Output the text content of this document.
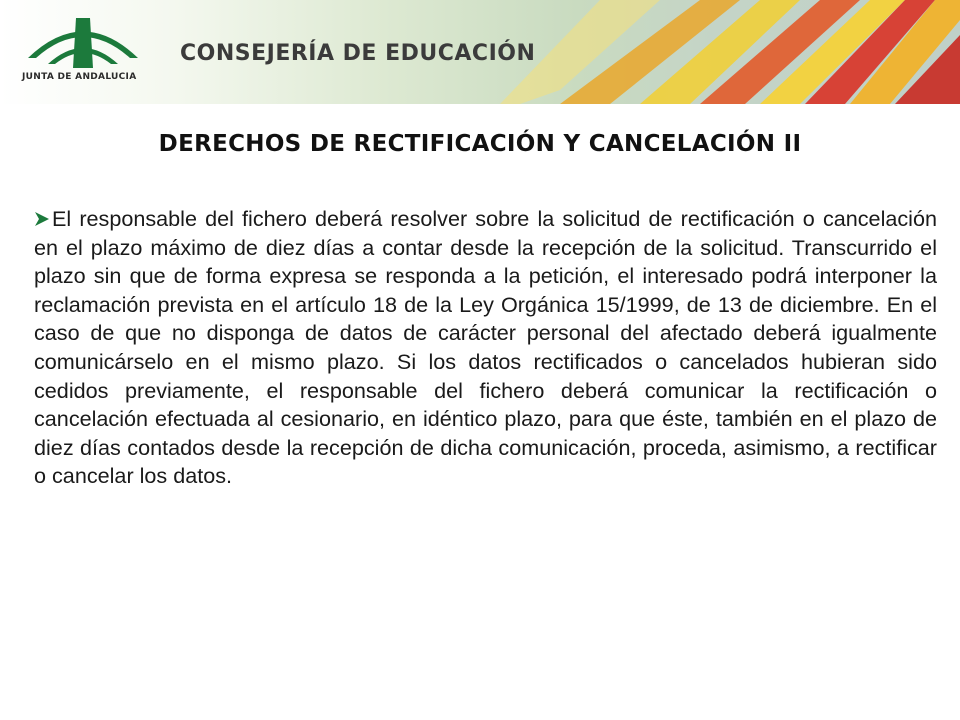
JUNTA DE ANDALUCIA
CONSEJERÍA DE EDUCACIÓN
DERECHOS DE RECTIFICACIÓN Y CANCELACIÓN II

El responsable del fichero deberá resolver sobre la solicitud de rectificación o cancelación en el plazo máximo de diez días a contar desde la recepción de la solicitud. Transcurrido el plazo sin que de forma expresa se responda a la petición, el interesado podrá interponer la reclamación prevista en el artículo 18 de la Ley Orgánica 15/1999, de 13 de diciembre. En el caso de que no disponga de datos de carácter personal del afectado deberá igualmente comunicárselo en el mismo plazo. Si los datos rectificados o cancelados hubieran sido cedidos previamente, el responsable del fichero deberá comunicar la rectificación o cancelación efectuada al cesionario, en idéntico plazo, para que éste, también en el plazo de diez días contados desde la recepción de dicha comunicación, proceda, asimismo, a rectificar o cancelar los datos.
